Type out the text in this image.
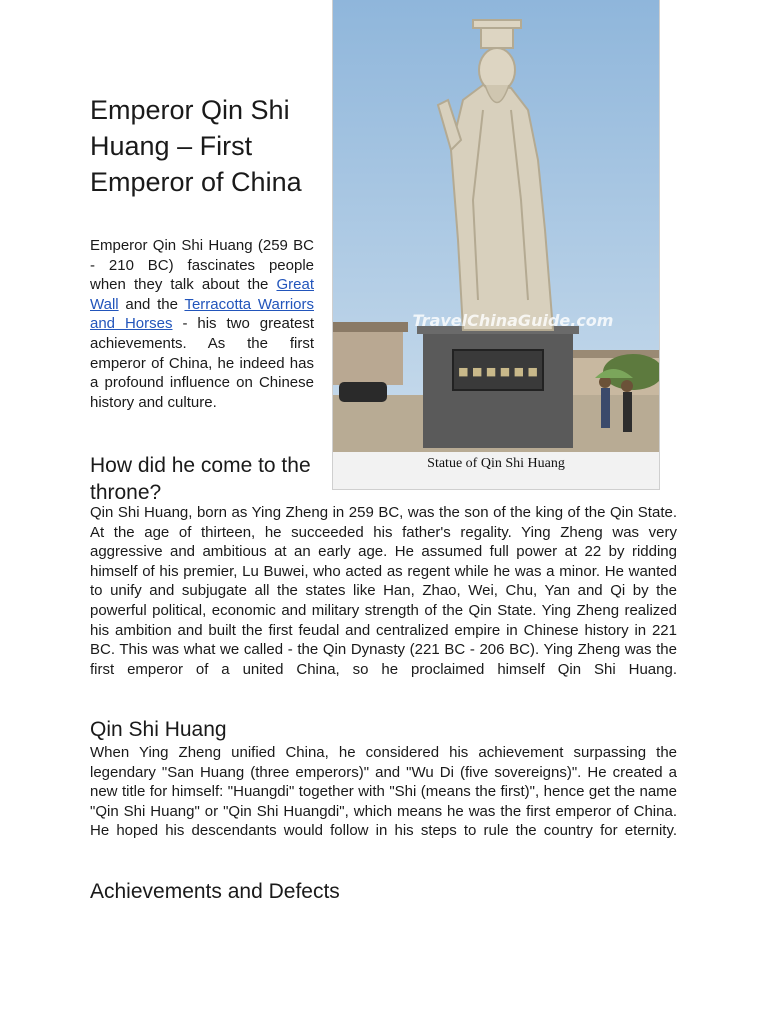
Emperor Qin Shi Huang – First Emperor of China

Emperor Qin Shi Huang (259 BC - 210 BC) fascinates people when they talk about the Great Wall and the Terracotta Warriors and Horses - his two greatest achievements. As the first emperor of China, he indeed has a profound influence on Chinese history and culture.

■ ■ ■ ■ ■ ■
TravelChinaGuide.com
Statue of Qin Shi Huang
How did he come to the throne?

Qin Shi Huang, born as Ying Zheng in 259 BC, was the son of the king of the Qin State. At the age of thirteen, he succeeded his father's regality. Ying Zheng was very aggressive and ambitious at an early age. He assumed full power at 22 by ridding himself of his premier, Lu Buwei, who acted as regent while he was a minor. He wanted to unify and subjugate all the states like Han, Zhao, Wei, Chu, Yan and Qi by the powerful political, economic and military strength of the Qin State. Ying Zheng realized his ambition and built the first feudal and centralized empire in Chinese history in 221 BC. This was what we called - the Qin Dynasty (221 BC - 206 BC). Ying Zheng was the first emperor of a united China, so he proclaimed himself Qin Shi Huang.

Qin Shi Huang

When Ying Zheng unified China, he considered his achievement surpassing the legendary "San Huang (three emperors)" and "Wu Di (five sovereigns)". He created a new title for himself: "Huangdi" together with "Shi (means the first)", hence get the name "Qin Shi Huang" or "Qin Shi Huangdi", which means he was the first emperor of China. He hoped his descendants would follow in his steps to rule the country for eternity.

Achievements and Defects
